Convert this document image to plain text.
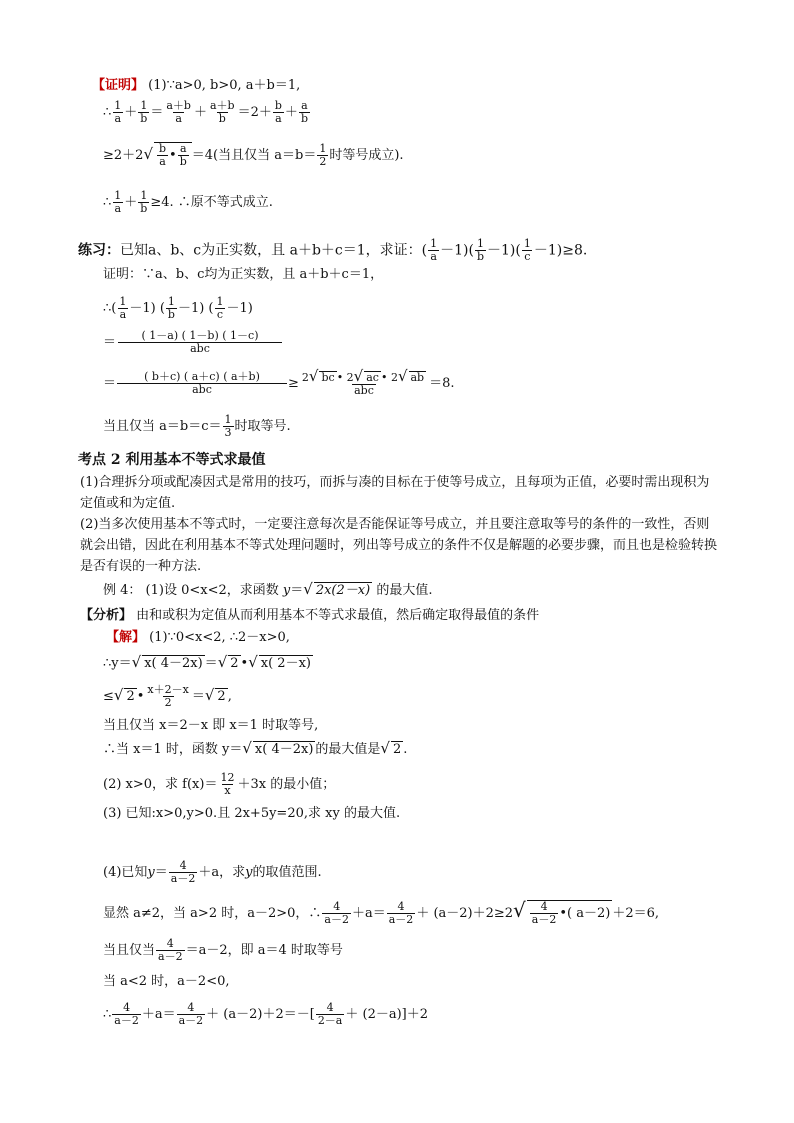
【证明】 (1)∵a>0, b>0, a＋b＝1,
∴ $\frac{1}{a} + \frac{1}{b} = \frac{a+b}{a} + \frac{a+b}{b} =2+ \frac{b}{a} + \frac{a}{b}$
$\ge 2+2√ \frac{b}{a}$ • $\frac{a}{b} =4$(当且仅当 $a=b= \frac{1}{2}$ 时等号成立).
∴ $\frac{1}{a} + \frac{1}{b} \ge 4$. ∴原不等式成立.
练习：已知a、b、c为正实数，且 a＋b＋c＝1，求证：( $\frac{1}{a} -1)( \frac{1}{b} -1)( \frac{1}{c} -1)\ge 8$.
证明：∵a、b、c均为正实数，且 a＋b＋c＝1，
∴( $\frac{1}{a} -1$) ( $\frac{1}{b} -1$) ( $\frac{1}{c} -1$)
＝ $\frac{( 1-a) ( 1-b) ( 1-c)}{\text{abc}}$
＝ $\frac{( b+c) ( a+c) ( a+b)}{\text{abc}} \ge \frac{2√ bc • 2√ ac • 2√ ab}{\text{abc}} =8$.
当且仅当 $a=b=c= \frac{1}{3}$ 时取等号.
考点 2 利用基本不等式求最值
(1)合理拆分项或配凑因式是常用的技巧，而拆与凑的目标在于使等号成立，且每项为正值，必要时需出现积为定值或和为定值.
(2)当多次使用基本不等式时，一定要注意每次是否能保证等号成立，并且要注意取等号的条件的一致性，否则就会出错，因此在利用基本不等式处理问题时，列出等号成立的条件不仅是解题的必要步骤，而且也是检验转换是否有误的一种方法.
例 4： (1)设 0<x<2，求函数 y＝√ 2x(2－x) 的最大值.
【分析】 由和或积为定值从而利用基本不等式求最值，然后确定取得最值的条件
【解】 (1)∵0<x<2, ∴2－x>0,
∴y＝√ x( 4－2x) ＝√ 2 •√ x( 2－x)
≤√ 2 • $\frac{x+2-x}{2}$ ＝√ 2 ,
当且仅当 x＝2－x 即 x＝1 时取等号,
∴当 x＝1 时，函数 y＝√ x( 4－2x) 的最大值是√ 2 .
(2) x>0，求 $f(x)= \frac{12}{x} +3x$ 的最小值；
(3) 已知:x>0,y>0.且 2x+5y=20,求 xy 的最大值.
(4)已知$y= \frac{4}{a-2} +a$，求y的取值范围.
显然 a≠2，当 a>2 时，a－2>0，∴ $\frac{4}{a-2} +a= \frac{4}{a-2} + (a-2)+2\ge 2√ \frac{4}{a-2}$ •( a－2) ＋2＝6,
当且仅当 $\frac{4}{a-2} =a-2$，即 a＝4 时取等号
当 a<2 时，a－2<0,
∴ $\frac{4}{a-2} +a= \frac{4}{a-2} + (a-2)+2=-[ \frac{4}{2-a} + (2-a)]+2$
